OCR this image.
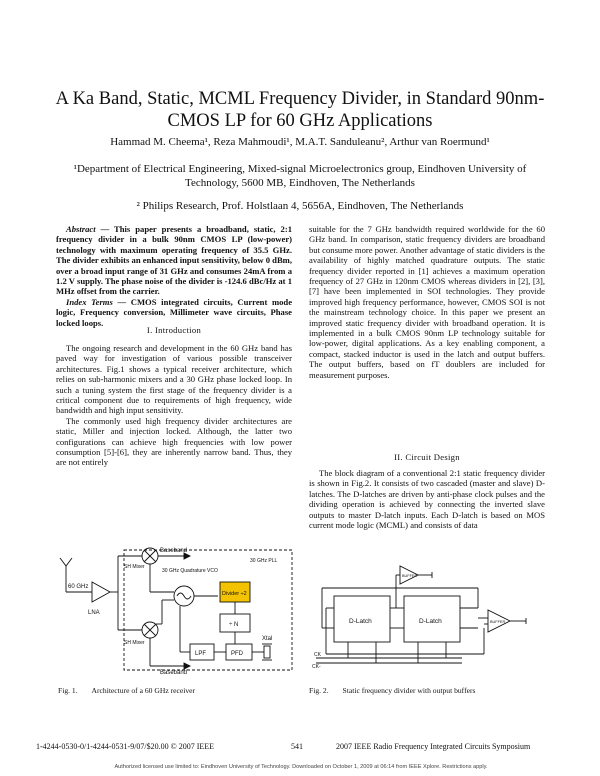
A Ka Band, Static, MCML Frequency Divider, in Standard 90nm-
CMOS LP for 60 GHz Applications
Hammad M. Cheema¹, Reza Mahmoudi¹, M.A.T. Sanduleanu², Arthur van Roermund¹
¹Department of Electrical Engineering, Mixed-signal Microelectronics group, Eindhoven University of
Technology, 5600 MB, Eindhoven, The Netherlands
² Philips Research, Prof. Holstlaan 4, 5656A, Eindhoven, The Netherlands

Abstract — This paper presents a broadband, static, 2:1 frequency divider in a bulk 90nm CMOS LP (low-power) technology with maximum operating frequency of 35.5 GHz. The divider exhibits an enhanced input sensitivity, below 0 dBm, over a broad input range of 31 GHz and consumes 24mA from a 1.2 V supply. The phase noise of the divider is -124.6 dBc/Hz at 1 MHz offset from the carrier.

Index Terms — CMOS integrated circuits, Current mode logic, Frequency conversion, Millimeter wave circuits, Phase locked loops.

I. Introduction

The ongoing research and development in the 60 GHz band has paved way for investigation of various possible transceiver architectures. Fig.1 shows a typical receiver architecture, which relies on sub-harmonic mixers and a 30 GHz phase locked loop. In such a tuning system the first stage of the frequency divider is a critical component due to requirements of high frequency, wide bandwidth and high input sensitivity.

The commonly used high frequency divider architectures are static, Miller and injection locked. Although, the latter two configurations can achieve high frequencies with low power consumption [5]-[6], they are inherently narrow band. Thus, they are not entirely

Baseband
Baseband
60 GHz
LNA
SH Mixer
SH Mixer
30 GHz Quadrature VCO
30 GHz PLL
Divider ÷2
÷ N
LPF	PFD
Xtal
Fig. 1. Architecture of a 60 GHz receiver

suitable for the 7 GHz bandwidth required worldwide for the 60 GHz band. In comparison, static frequency dividers are broadband but consume more power. Another advantage of static dividers is the availability of highly matched quadrature outputs. The static frequency divider reported in [1] achieves a maximum operation frequency of 27 GHz in 120nm CMOS whereas dividers in [2], [3], [7] have been implemented in SOI technologies. They provide improved high frequency performance, however, CMOS SOI is not the mainstream technology choice. In this paper we present an improved static frequency divider with broadband operation. It is implemented in a bulk CMOS 90nm LP technology suitable for low-power, digital applications. As a key enabling component, a compact, stacked inductor is used in the latch and output buffers. The output buffers, based on fT doublers are included for measurement purposes.

II. Circuit Design

The block diagram of a conventional 2:1 static frequency divider is shown in Fig.2. It consists of two cascaded (master and slave) D-latches. The D-latches are driven by anti-phase clock pulses and the dividing operation is achieved by connecting the inverted slave outputs to master D-latch inputs. Each D-latch is based on MOS current mode logic (MCML) and consists of data

D-Latch	D-Latch
BUFFER
BUFFER
CK
CK-
Fig. 2. Static frequency divider with output buffers
1-4244-0530-0/1-4244-0531-9/07/$20.00 © 2007 IEEE	541	2007 IEEE Radio Frequency Integrated Circuits Symposium
Authorized licensed use limited to: Eindhoven University of Technology. Downloaded on October 1, 2009 at 06:14 from IEEE Xplore. Restrictions apply.
